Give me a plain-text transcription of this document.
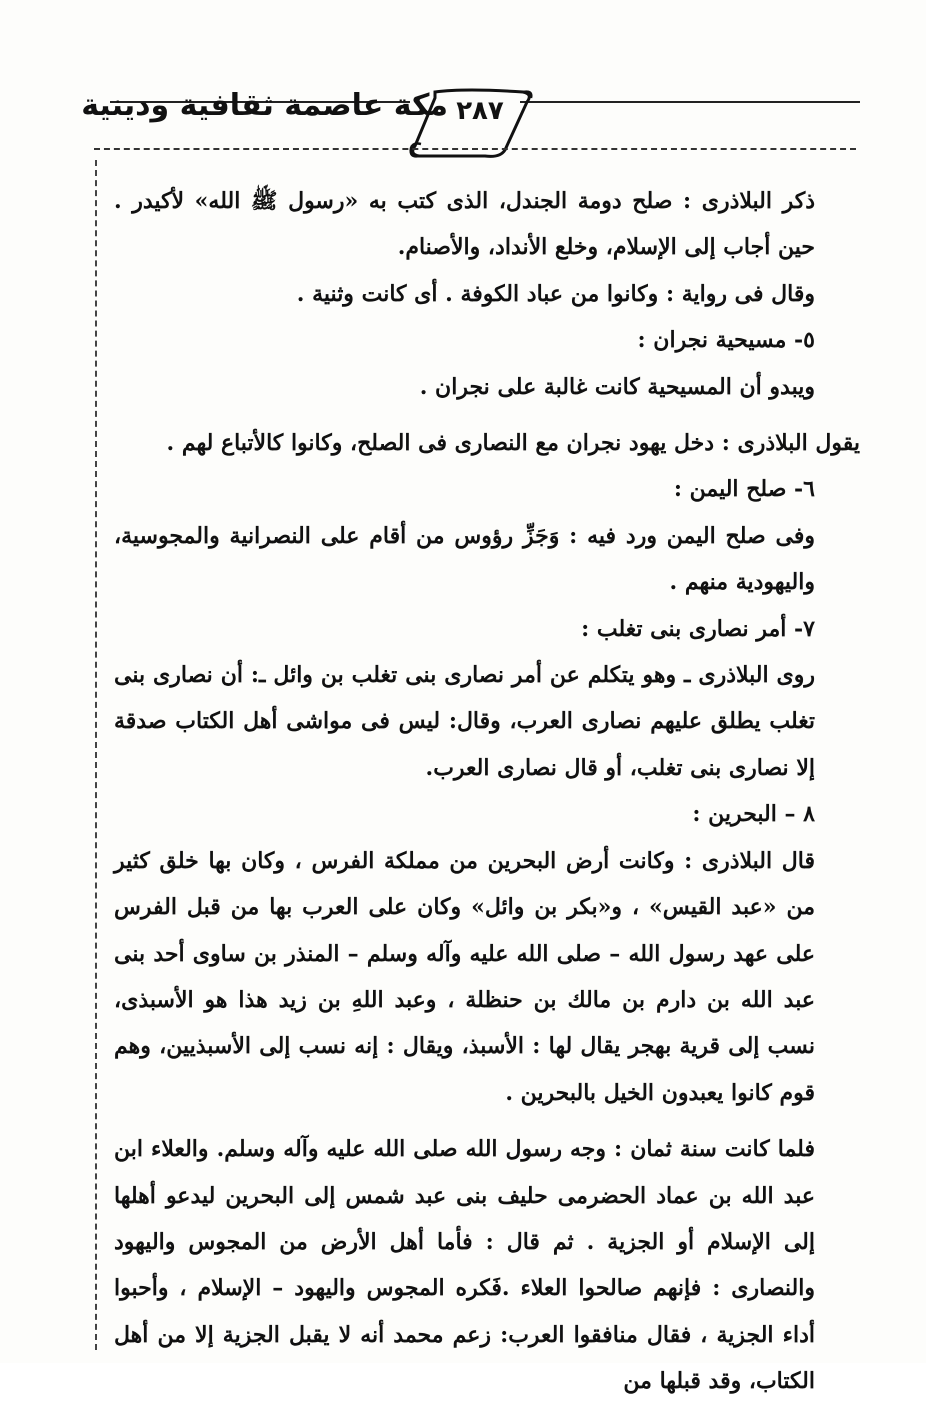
مكة عاصمة ثقافية ودينية ٢٨٧

ذكر البلاذرى : صلح دومة الجندل، الذى كتب به «رسول ﷺ الله» لأكيدر . حين أجاب إلى الإسلام، وخلع الأنداد، والأصنام.

وقال فى رواية : وكانوا من عباد الكوفة . أى كانت وثنية .

٥- مسيحية نجران :

ويبدو أن المسيحية كانت غالبة على نجران .

يقول البلاذرى : دخل يهود نجران مع النصارى فى الصلح، وكانوا كالأتباع لهم .

٦- صلح اليمن :

وفى صلح اليمن ورد فيه : وَجَزِّ رؤوس من أقام على النصرانية والمجوسية، واليهودية منهم .

٧- أمر نصارى بنى تغلب :

روى البلاذرى ـ وهو يتكلم عن أمر نصارى بنى تغلب بن وائل ـ: أن نصارى بنى تغلب يطلق عليهم نصارى العرب، وقال: ليس فى مواشى أهل الكتاب صدقة إلا نصارى بنى تغلب، أو قال نصارى العرب.

٨ – البحرين :

قال البلاذرى : وكانت أرض البحرين من مملكة الفرس ، وكان بها خلق كثير من «عبد القيس» ، و«بكر بن وائل» وكان على العرب بها من قبل الفرس على عهد رسول الله – صلى الله عليه وآله وسلم – المنذر بن ساوى أحد بنى عبد الله بن دارم بن مالك بن حنظلة ، وعبد اللهِ بن زيد هذا هو الأسبذى، نسب إلى قرية بهجر يقال لها : الأسبذ، ويقال : إنه نسب إلى الأسبذيين، وهم قوم كانوا يعبدون الخيل بالبحرين .

فلما كانت سنة ثمان : وجه رسول الله صلى الله عليه وآله وسلم. والعلاء ابن عبد الله بن عماد الحضرمى حليف بنى عبد شمس إلى البحرين ليدعو أهلها إلى الإسلام أو الجزية . ثم قال : فأما أهل الأرض من المجوس واليهود والنصارى : فإنهم صالحوا العلاء .فَكره المجوس واليهود – الإسلام ، وأحبوا أداء الجزية ، فقال منافقوا العرب: زعم محمد أنه لا يقبل الجزية إلا من أهل الكتاب، وقد قبلها من
